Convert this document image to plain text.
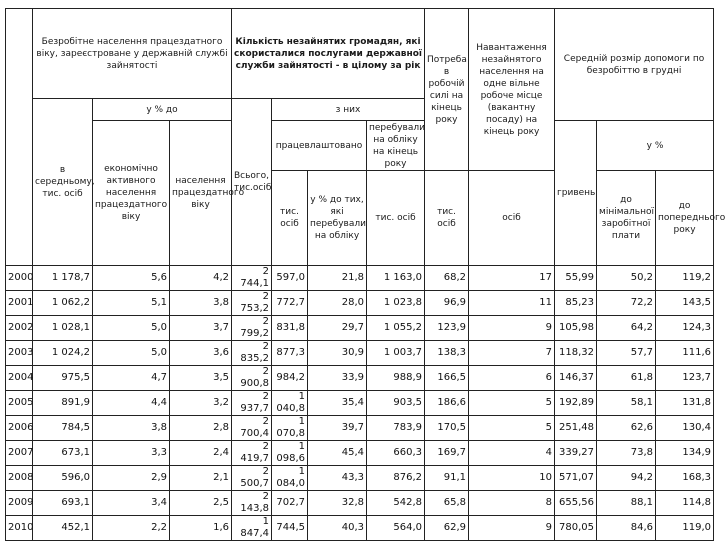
	Безробітне населення працездатного віку, зареєстроване у державній службі зайнятості			Кількість незайнятих громадян, які скористалися послугами державної служби зайнятості - в цілому за рік				Потреба в робочій силі на кінець року	Навантаження незайнятого населення на одне вільне робоче місце (вакантну посаду) на кінець року	Середній розмір допомоги по безробіттю в грудні		
	в середньому, тис. осіб	у % до		Всього, тис.осіб	з них							
		економічно активного населення працездатного віку	населення працездатного віку		працевлаштовано		перебували на обліку на кінець року			гривень	у %	
					тис. осіб	у % до тих, які перебували на обліку	тис. осіб	тис. осіб	осіб		до мінімальної заробітної плати	до попереднього року
2000	1 178,7	5,6	4,2	2 744,1	597,0	21,8	1 163,0	68,2	17	55,99	50,2	119,2
2001	1 062,2	5,1	3,8	2 753,2	772,7	28,0	1 023,8	96,9	11	85,23	72,2	143,5
2002	1 028,1	5,0	3,7	2 799,2	831,8	29,7	1 055,2	123,9	9	105,98	64,2	124,3
2003	1 024,2	5,0	3,6	2 835,2	877,3	30,9	1 003,7	138,3	7	118,32	57,7	111,6
2004	975,5	4,7	3,5	2 900,8	984,2	33,9	988,9	166,5	6	146,37	61,8	123,7
2005	891,9	4,4	3,2	2 937,7	1 040,8	35,4	903,5	186,6	5	192,89	58,1	131,8
2006	784,5	3,8	2,8	2 700,4	1 070,8	39,7	783,9	170,5	5	251,48	62,6	130,4
2007	673,1	3,3	2,4	2 419,7	1 098,6	45,4	660,3	169,7	4	339,27	73,8	134,9
2008	596,0	2,9	2,1	2 500,7	1 084,0	43,3	876,2	91,1	10	571,07	94,2	168,3
2009	693,1	3,4	2,5	2 143,8	702,7	32,8	542,8	65,8	8	655,56	88,1	114,8
2010	452,1	2,2	1,6	1 847,4	744,5	40,3	564,0	62,9	9	780,05	84,6	119,0
